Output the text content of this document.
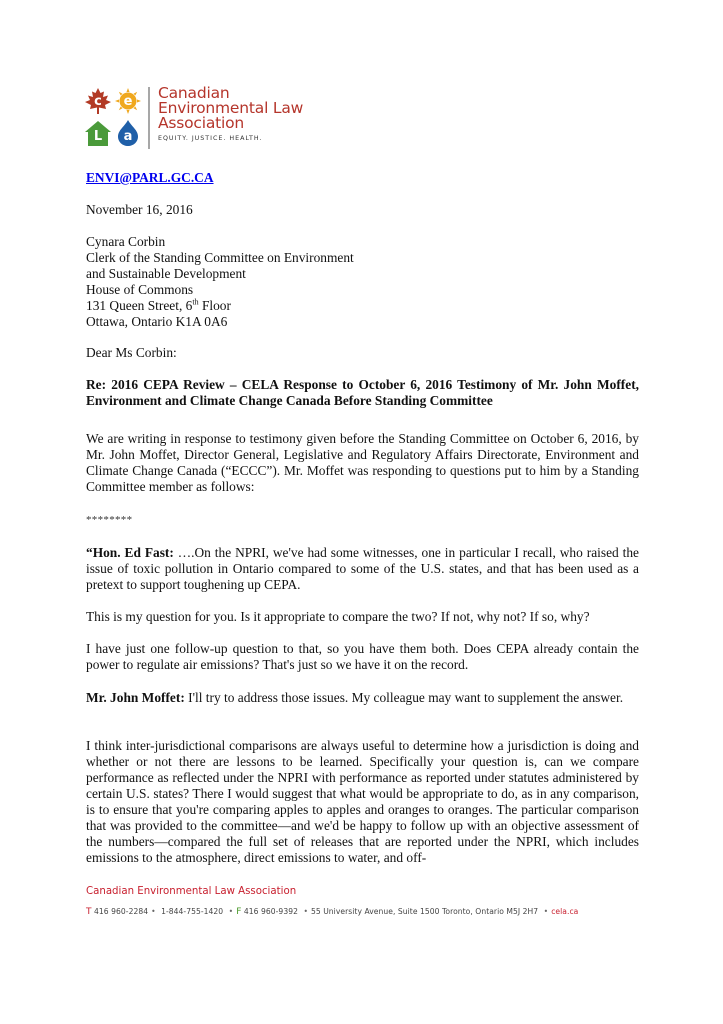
c e
L a
Canadian
Environmental Law
Association
EQUITY. JUSTICE. HEALTH.

ENVI@PARL.GC.CA

November 16, 2016

Cynara Corbin
Clerk of the Standing Committee on Environment
and Sustainable Development
House of Commons
131 Queen Street, 6th Floor
Ottawa, Ontario K1A 0A6

Dear Ms Corbin:

Re: 2016 CEPA Review – CELA Response to October 6, 2016 Testimony of Mr. John Moffet, Environment and Climate Change Canada Before Standing Committee

We are writing in response to testimony given before the Standing Committee on October 6, 2016, by Mr. John Moffet, Director General, Legislative and Regulatory Affairs Directorate, Environment and Climate Change Canada (“ECCC”). Mr. Moffet was responding to questions put to him by a Standing Committee member as follows:

********

“Hon. Ed Fast: ….On the NPRI, we've had some witnesses, one in particular I recall, who raised the issue of toxic pollution in Ontario compared to some of the U.S. states, and that has been used as a pretext to support toughening up CEPA.

This is my question for you. Is it appropriate to compare the two? If not, why not? If so, why?

I have just one follow-up question to that, so you have them both. Does CEPA already contain the power to regulate air emissions? That's just so we have it on the record.

Mr. John Moffet: I'll try to address those issues. My colleague may want to supplement the answer.

I think inter-jurisdictional comparisons are always useful to determine how a jurisdiction is doing and whether or not there are lessons to be learned. Specifically your question is, can we compare performance as reflected under the NPRI with performance as reported under statutes administered by certain U.S. states? There I would suggest that what would be appropriate to do, as in any comparison, is to ensure that you're comparing apples to apples and oranges to oranges. The particular comparison that was provided to the committee—and we'd be happy to follow up with an objective assessment of the numbers—compared the full set of releases that are reported under the NPRI, which includes emissions to the atmosphere, direct emissions to water, and off-

Canadian Environmental Law Association
T 416 960-2284 • 1-844-755-1420 • F 416 960-9392 • 55 University Avenue, Suite 1500 Toronto, Ontario M5J 2H7 • cela.ca
